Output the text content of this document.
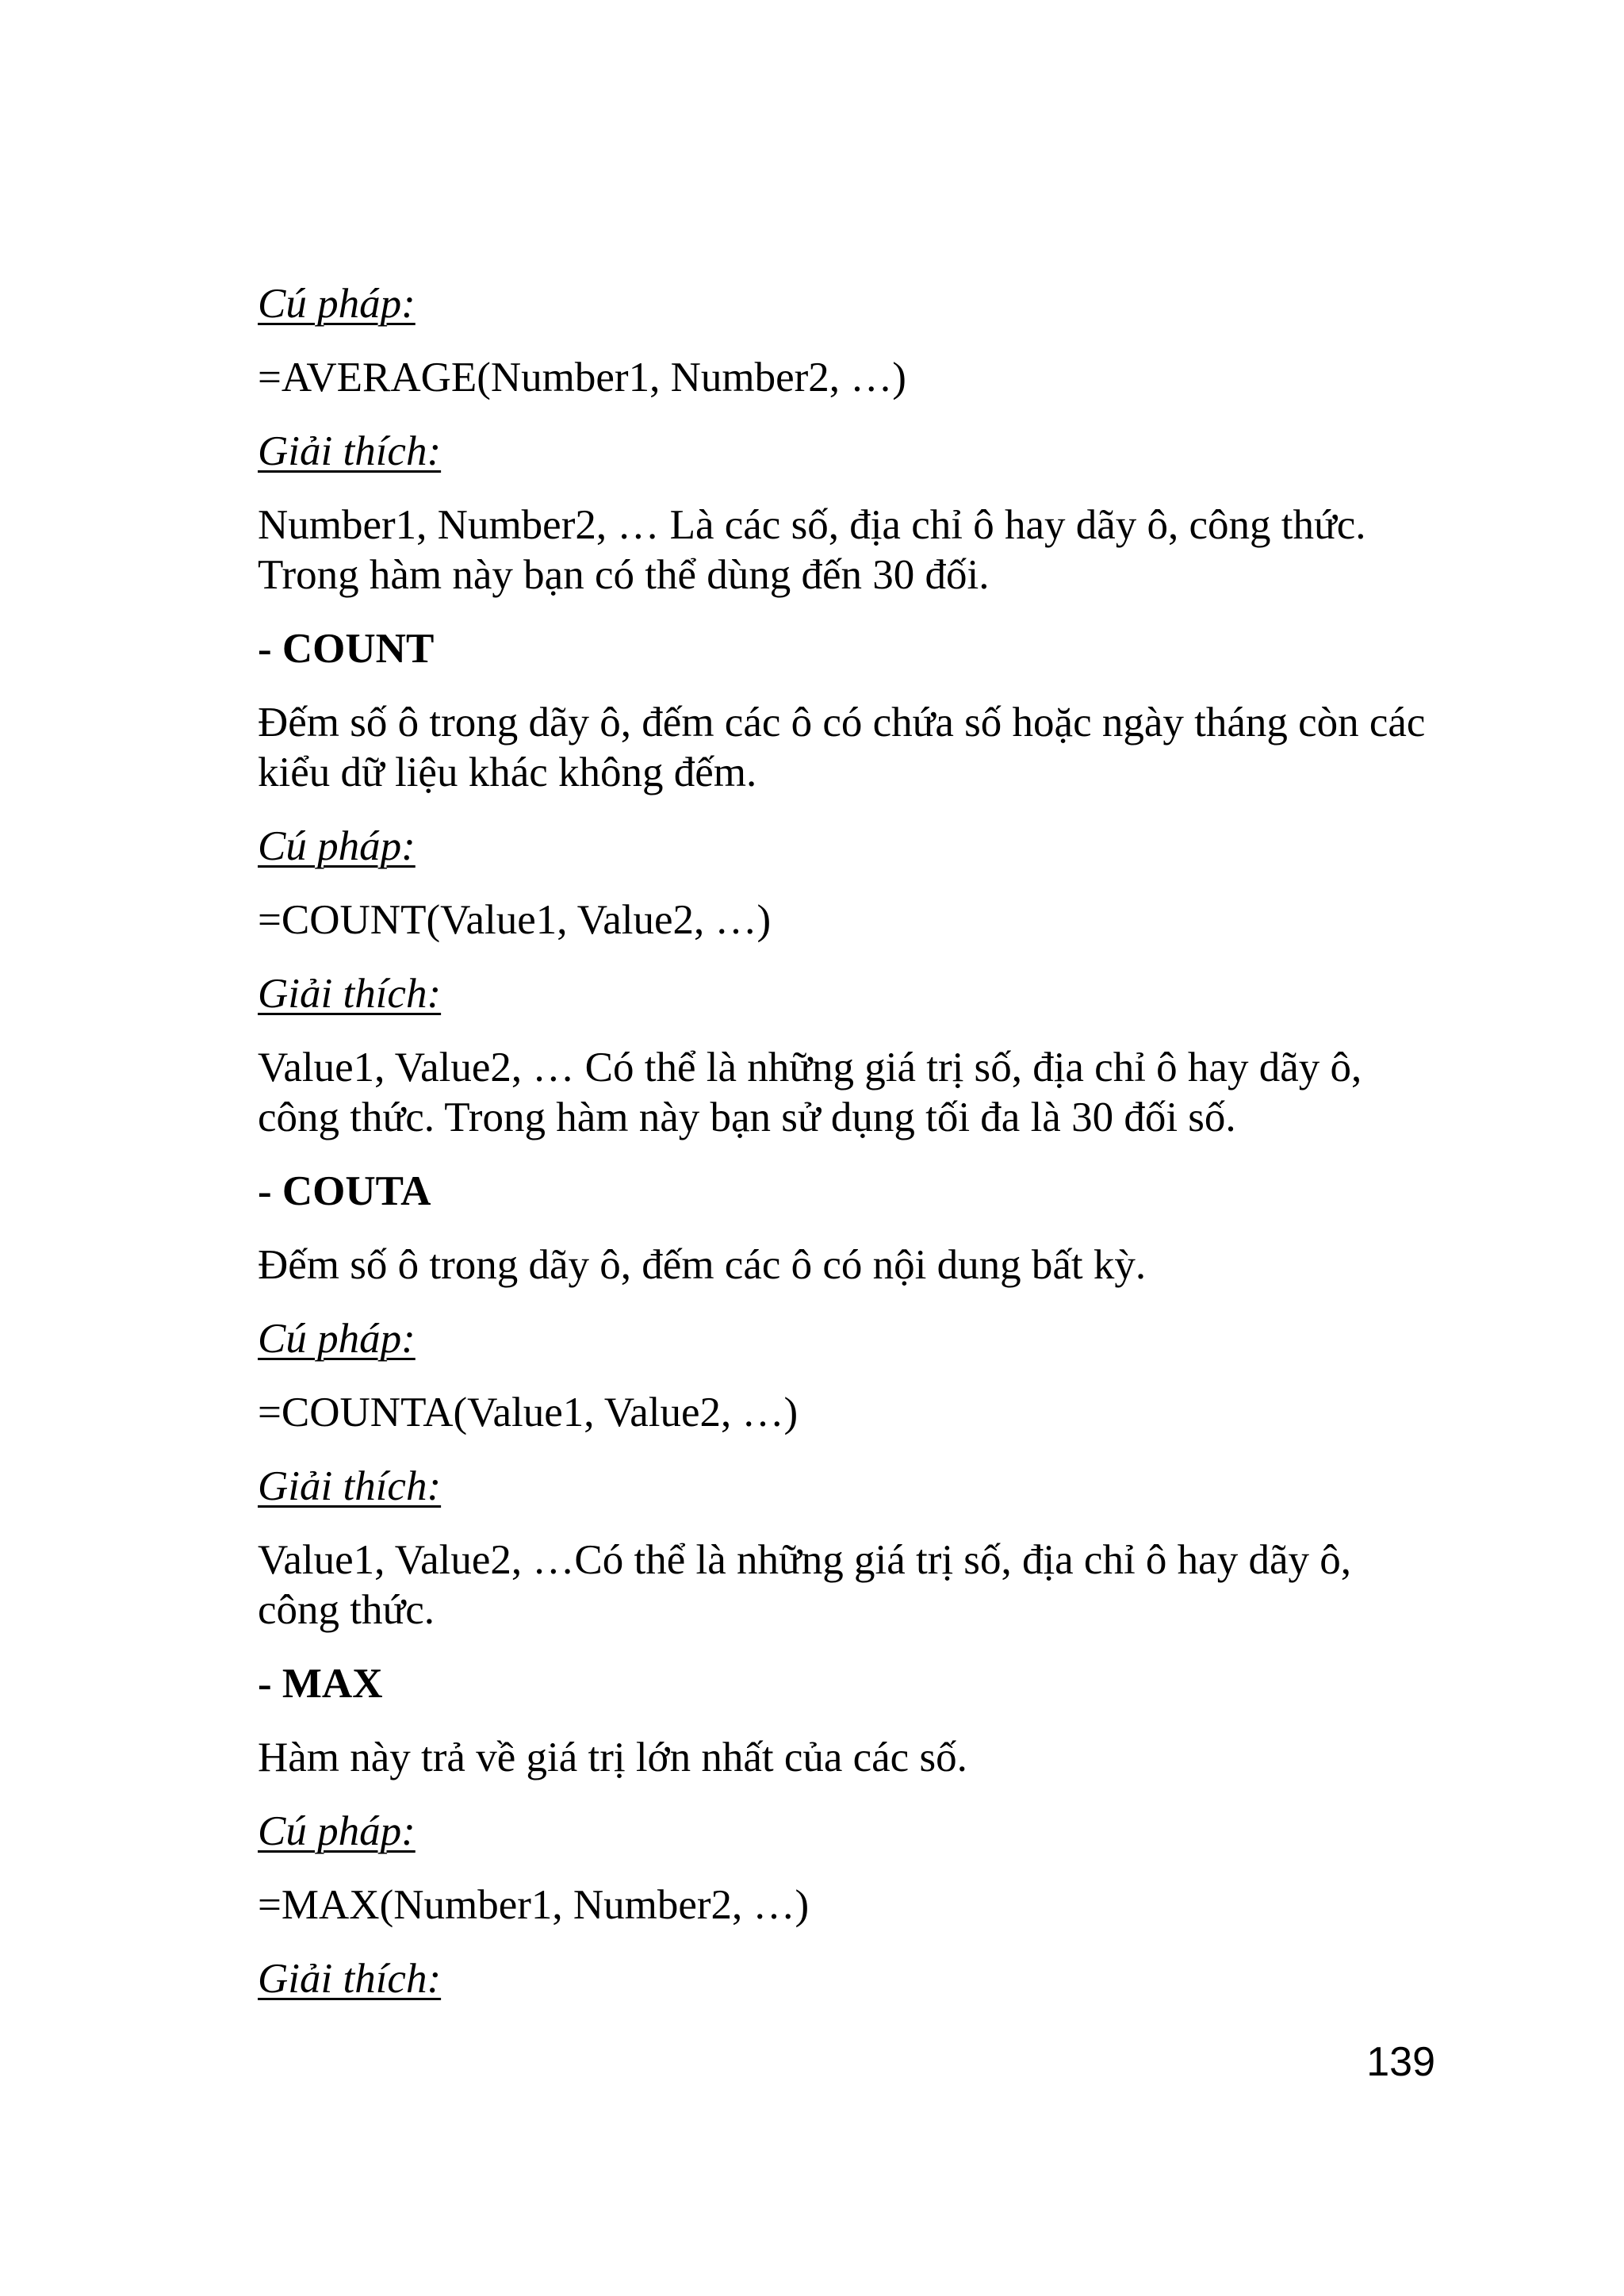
Cú pháp:

=AVERAGE(Number1, Number2, …)

Giải thích:

Number1, Number2, … Là các số, địa chỉ ô hay dãy ô, công thức. Trong hàm này bạn có thể dùng đến 30 đối.

- COUNT

Đếm số ô trong dãy ô, đếm các ô có chứa số hoặc ngày tháng còn các kiểu dữ liệu khác không đếm.

Cú pháp:

=COUNT(Value1, Value2, …)

Giải thích:

Value1, Value2, … Có thể là những giá trị số, địa chỉ ô hay dãy ô, công thức. Trong hàm này bạn sử dụng tối đa là 30 đối số.

- COUTA

Đếm số ô trong dãy ô, đếm các ô có nội dung bất kỳ.

Cú pháp:

=COUNTA(Value1, Value2, …)

Giải thích:

Value1, Value2, …Có thể là những giá trị số, địa chỉ ô hay dãy ô, công thức.

- MAX

Hàm này trả về giá trị lớn nhất của các số.

Cú pháp:

=MAX(Number1, Number2, …)

Giải thích:

139
